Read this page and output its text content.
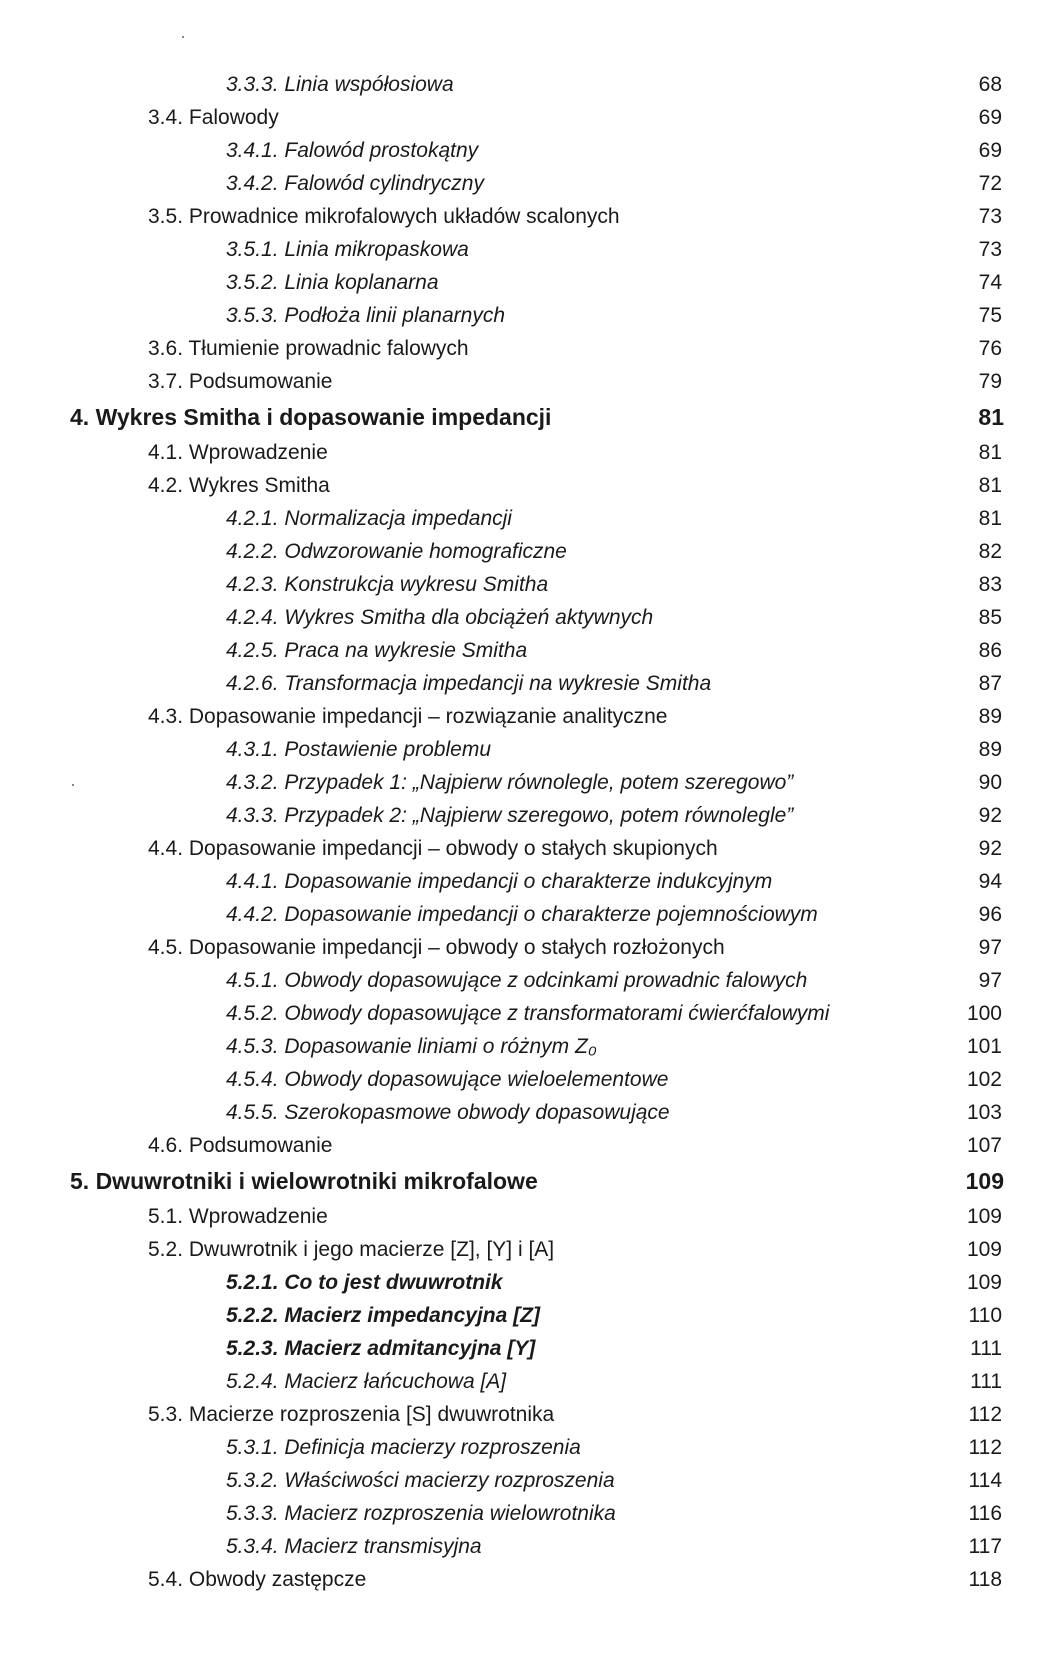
3.3.3. Linia współosiowa	68
3.4. Falowody	69
3.4.1. Falowód prostokątny	69
3.4.2. Falowód cylindryczny	72
3.5. Prowadnice mikrofalowych układów scalonych	73
3.5.1. Linia mikropaskowa	73
3.5.2. Linia koplanarna	74
3.5.3. Podłoża linii planarnych	75
3.6. Tłumienie prowadnic falowych	76
3.7. Podsumowanie	79
4. Wykres Smitha i dopasowanie impedancji	81
4.1. Wprowadzenie	81
4.2. Wykres Smitha	81
4.2.1. Normalizacja impedancji	81
4.2.2. Odwzorowanie homograficzne	82
4.2.3. Konstrukcja wykresu Smitha	83
4.2.4. Wykres Smitha dla obciążeń aktywnych	85
4.2.5. Praca na wykresie Smitha	86
4.2.6. Transformacja impedancji na wykresie Smitha	87
4.3. Dopasowanie impedancji – rozwiązanie analityczne	89
4.3.1. Postawienie problemu	89
4.3.2. Przypadek 1: „Najpierw równolegle, potem szeregowo”	90
4.3.3. Przypadek 2: „Najpierw szeregowo, potem równolegle”	92
4.4. Dopasowanie impedancji – obwody o stałych skupionych	92
4.4.1. Dopasowanie impedancji o charakterze indukcyjnym	94
4.4.2. Dopasowanie impedancji o charakterze pojemnościowym	96
4.5. Dopasowanie impedancji – obwody o stałych rozłożonych	97
4.5.1. Obwody dopasowujące z odcinkami prowadnic falowych	97
4.5.2. Obwody dopasowujące z transformatorami ćwierćfalowymi	100
4.5.3. Dopasowanie liniami o różnym Z₀	101
4.5.4. Obwody dopasowujące wieloelementowe	102
4.5.5. Szerokopasmowe obwody dopasowujące	103
4.6. Podsumowanie	107
5. Dwuwrotniki i wielowrotniki mikrofalowe	109
5.1. Wprowadzenie	109
5.2. Dwuwrotnik i jego macierze [Z], [Y] i [A]	109
5.2.1. Co to jest dwuwrotnik	109
5.2.2. Macierz impedancyjna [Z]	110
5.2.3. Macierz admitancyjna [Y]	111
5.2.4. Macierz łańcuchowa [A]	111
5.3. Macierze rozproszenia [S] dwuwrotnika	112
5.3.1. Definicja macierzy rozproszenia	112
5.3.2. Właściwości macierzy rozproszenia	114
5.3.3. Macierz rozproszenia wielowrotnika	116
5.3.4. Macierz transmisyjna	117
5.4. Obwody zastępcze	118
